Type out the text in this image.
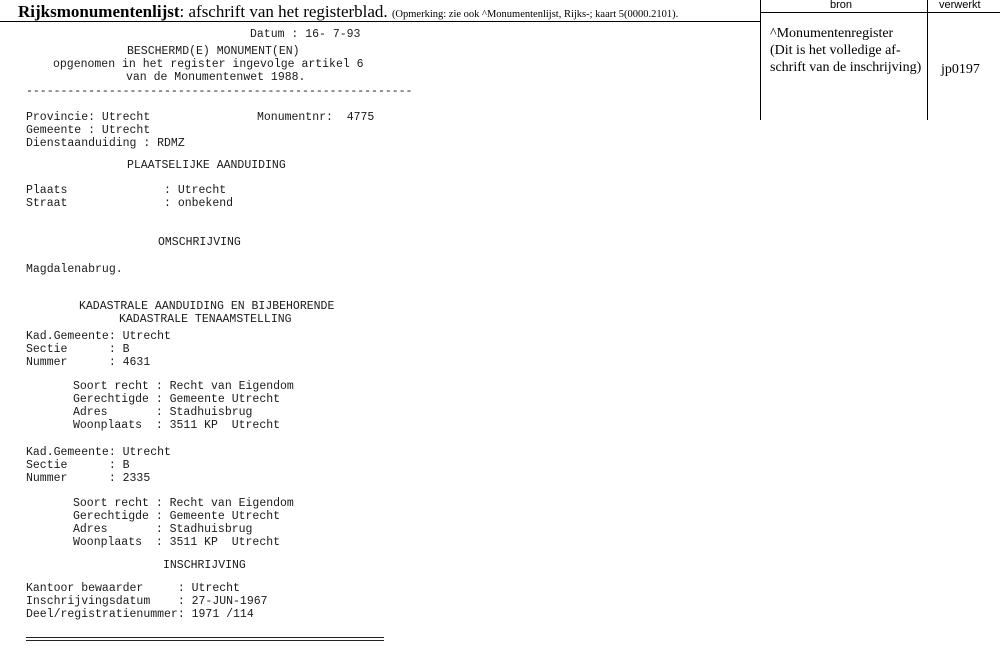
Rijksmonumentenlijst: afschrift van het registerblad. (Opmerking: zie ook ^Monumentenlijst, Rijks-; kaart 5(0000.2101).
bron	verwerkt
^Monumentenregister
(Dit is het volledige af-
schrift van de inschrijving)	jp0197
Datum : 16- 7-93
BESCHERMD(E) MONUMENT(EN)
opgenomen in het register ingevolge artikel 6
van de Monumentenwet 1988.
--------------------------------------------------------
Provincie: Utrecht	Monumentnr:  4775
Gemeente : Utrecht
Dienstaanduiding : RDMZ
PLAATSELIJKE AANDUIDING
Plaats              : Utrecht
Straat              : onbekend
OMSCHRIJVING
Magdalenabrug.
KADASTRALE AANDUIDING EN BIJBEHORENDE
KADASTRALE TENAAMSTELLING
Kad.Gemeente: Utrecht
Sectie      : B
Nummer      : 4631
Soort recht : Recht van Eigendom
Gerechtigde : Gemeente Utrecht
Adres       : Stadhuisbrug
Woonplaats  : 3511 KP  Utrecht
Kad.Gemeente: Utrecht
Sectie      : B
Nummer      : 2335
Soort recht : Recht van Eigendom
Gerechtigde : Gemeente Utrecht
Adres       : Stadhuisbrug
Woonplaats  : 3511 KP  Utrecht
INSCHRIJVING
Kantoor bewaarder     : Utrecht
Inschrijvingsdatum    : 27-JUN-1967
Deel/registratienummer: 1971 /114
